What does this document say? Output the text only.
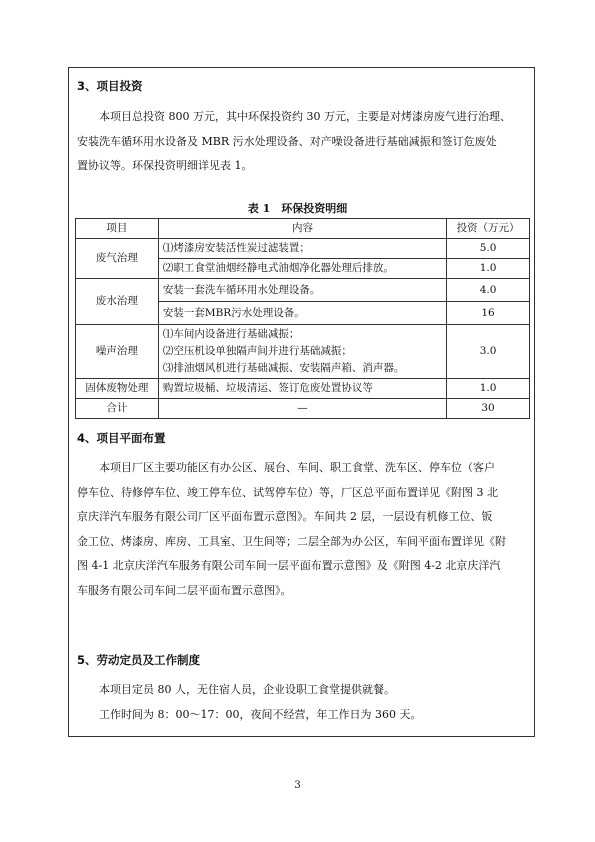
3、项目投资
本项目总投资 800 万元，其中环保投资约 30 万元，主要是对烤漆房废气进行治理、
安装洗车循环用水设备及 MBR 污水处理设备、对产噪设备进行基础减振和签订危废处
置协议等。环保投资明细详见表 1。
表 1　环保投资明细
项目	内容	投资（万元）
废气治理	⑴烤漆房安装活性炭过滤装置；	5.0
	⑵职工食堂油烟经静电式油烟净化器处理后排放。	1.0
废水治理	安装一套洗车循环用水处理设备。	4.0
	安装一套MBR污水处理设备。	16
噪声治理	⑴车间内设备进行基础减振；
⑵空压机设单独隔声间并进行基础减振；
⑶排油烟风机进行基础减振、安装隔声箱、消声器。	3.0
固体废物处理	购置垃圾桶、垃圾清运、签订危废处置协议等	1.0
合计	—	30
4、项目平面布置
本项目厂区主要功能区有办公区、展台、车间、职工食堂、洗车区、停车位（客户
停车位、待修停车位、竣工停车位、试驾停车位）等，厂区总平面布置详见《附图 3 北
京庆洋汽车服务有限公司厂区平面布置示意图》。车间共 2 层，一层设有机修工位、钣
金工位、烤漆房、库房、工具室、卫生间等；二层全部为办公区，车间平面布置详见《附
图 4-1 北京庆洋汽车服务有限公司车间一层平面布置示意图》及《附图 4-2 北京庆洋汽
车服务有限公司车间二层平面布置示意图》。
5、劳动定员及工作制度
本项目定员 80 人，无住宿人员，企业设职工食堂提供就餐。
工作时间为 8：00～17：00，夜间不经营，年工作日为 360 天。
3
